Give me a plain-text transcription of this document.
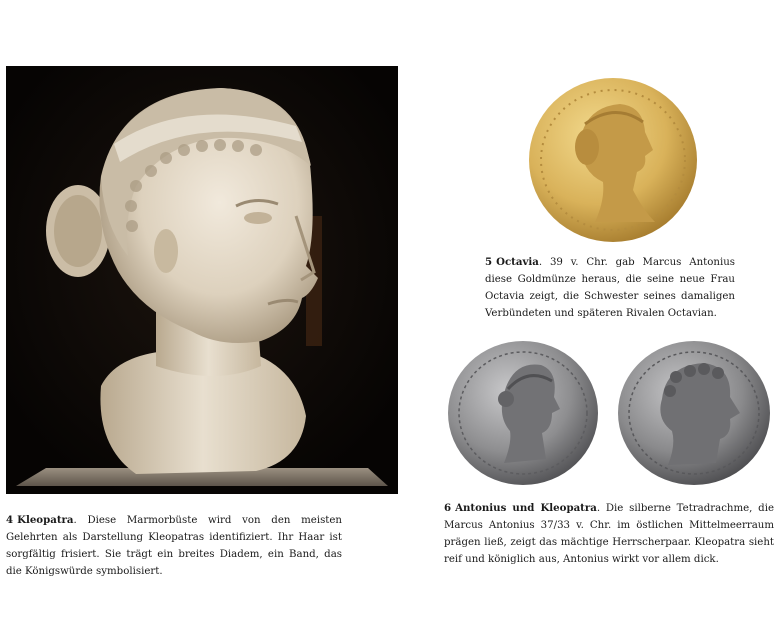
4 Kleopatra. Diese Marmorbüste wird von den meisten Gelehrten als Darstellung Kleopatras identifiziert. Ihr Haar ist sorgfältig frisiert. Sie trägt ein breites Diadem, ein Band, das die Königswürde symbolisiert.
5 Octavia. 39 v. Chr. gab Marcus Antonius diese Goldmünze heraus, die seine neue Frau Octavia zeigt, die Schwester seines damaligen Verbündeten und späteren Rivalen Octavian.
6 Antonius und Kleopatra. Die silberne Tetradrachme, die Marcus Antonius 37/33 v. Chr. im östlichen Mittelmeerraum prägen ließ, zeigt das mächtige Herrscherpaar. Kleopatra sieht reif und königlich aus, Antonius wirkt vor allem dick.
